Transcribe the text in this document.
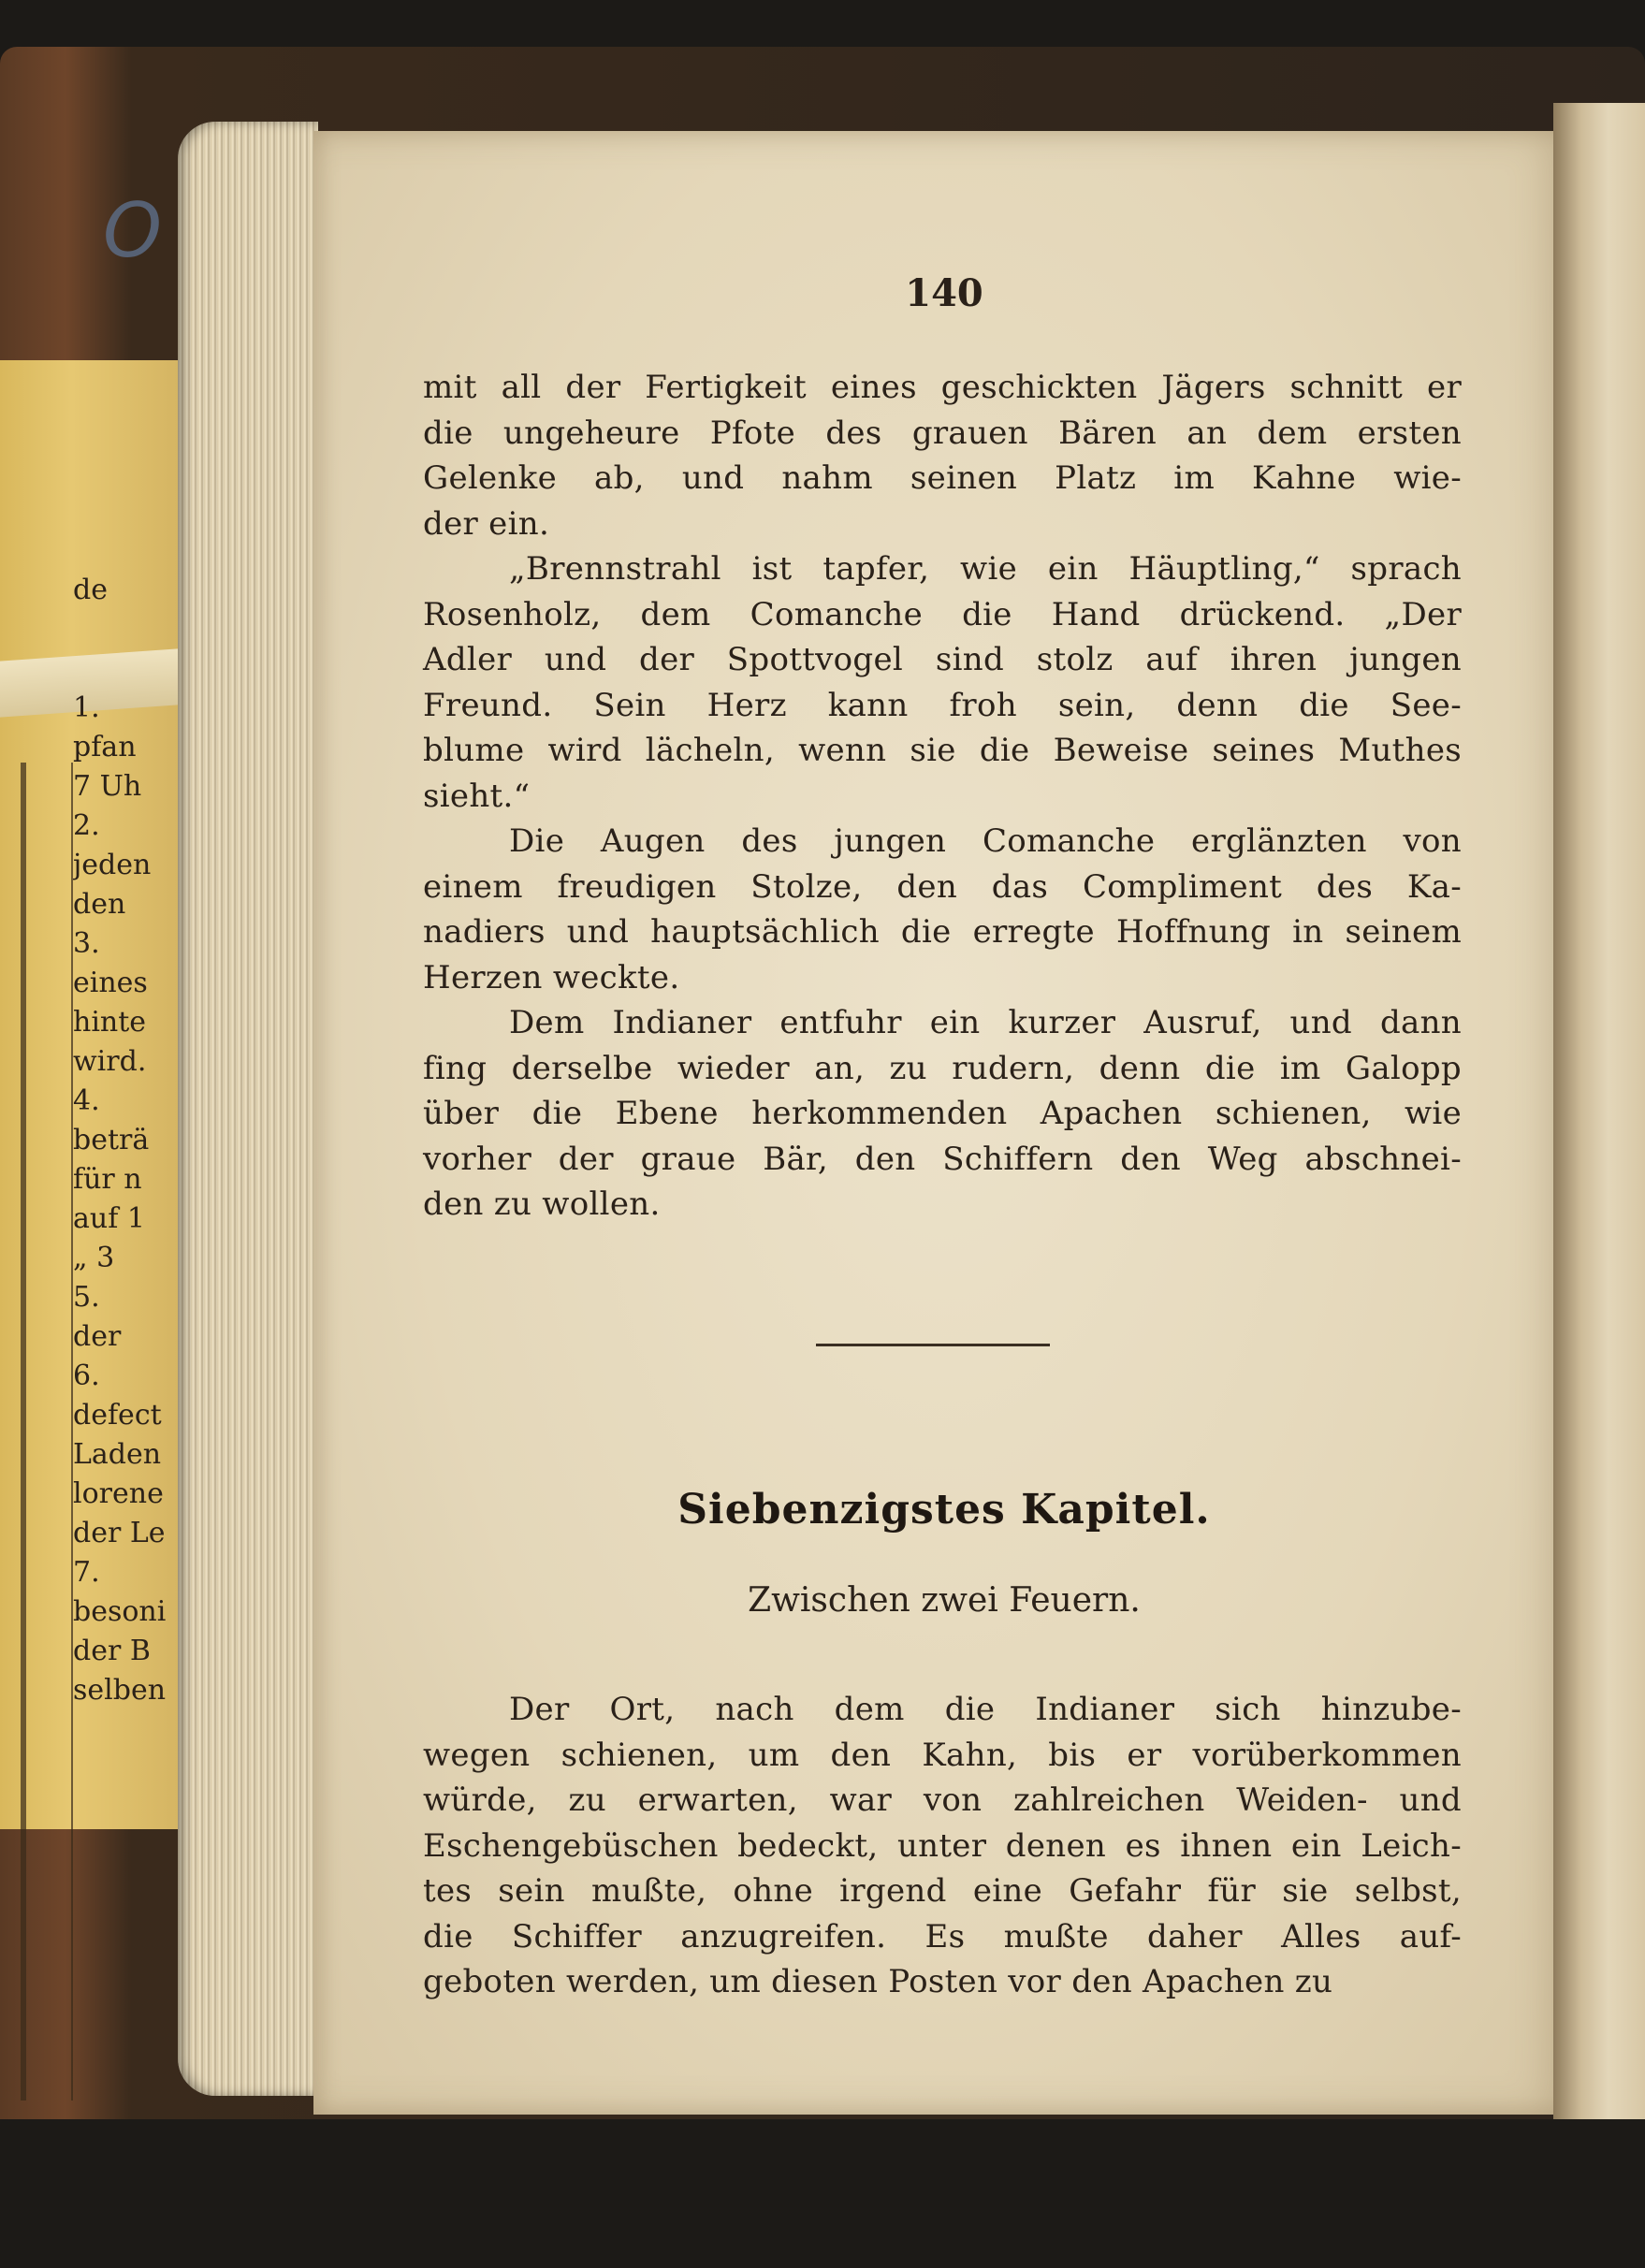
O
de
1.
pfan
7 Uh
2.
jeden
den
3.
eines
hinte
wird.
4.
beträ
für n
auf 1
„ 3
5.
der
6.
defect
Laden
lorene
der Le
7.
besoni
der B
selben
140
mit all der Fertigkeit eines geschickten Jägers schnitt er
die ungeheure Pfote des grauen Bären an dem ersten
Gelenke ab, und nahm seinen Platz im Kahne wie-
der ein.
„Brennstrahl ist tapfer, wie ein Häuptling,“ sprach
Rosenholz, dem Comanche die Hand drückend. „Der
Adler und der Spottvogel sind stolz auf ihren jungen
Freund. Sein Herz kann froh sein, denn die See-
blume wird lächeln, wenn sie die Beweise seines Muthes
sieht.“
Die Augen des jungen Comanche erglänzten von
einem freudigen Stolze, den das Compliment des Ka-
nadiers und hauptsächlich die erregte Hoffnung in seinem
Herzen weckte.
Dem Indianer entfuhr ein kurzer Ausruf, und dann
fing derselbe wieder an, zu rudern, denn die im Galopp
über die Ebene herkommenden Apachen schienen, wie
vorher der graue Bär, den Schiffern den Weg abschnei-
den zu wollen.
Siebenzigstes Kapitel.
Zwischen zwei Feuern.
Der Ort, nach dem die Indianer sich hinzube-
wegen schienen, um den Kahn, bis er vorüberkommen
würde, zu erwarten, war von zahlreichen Weiden- und
Eschengebüschen bedeckt, unter denen es ihnen ein Leich-
tes sein mußte, ohne irgend eine Gefahr für sie selbst,
die Schiffer anzugreifen. Es mußte daher Alles auf-
geboten werden, um diesen Posten vor den Apachen zu
